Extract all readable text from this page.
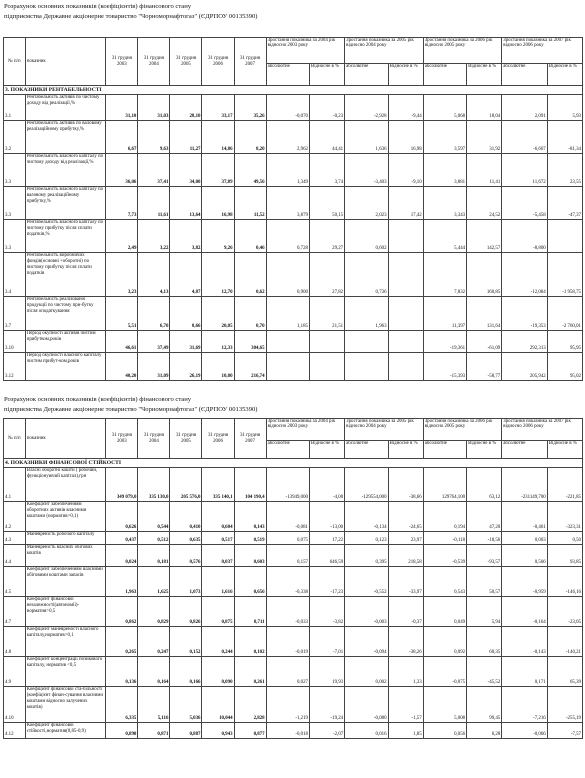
Розрахунок основних показників (коефіцієнтів) фінансового стану
підприємства Державне акціонерне товариство "Чорноморнафтогаз" (ЄДРПОУ 00135390)
№ п/п	показник	31 грудня 2003	31 грудня 2004	31 грудня 2005	31 грудня 2006	31 грудня 2007	Зростання показника за 2004 рік відносно 2003 року		Зростання показника за 2005 рік відносно 2004 року		Зростання показника за 2006 рік відносно 2005 року		Зростання показника за 2007 рік відносно 2006 року	
							абсолютне	Відносне в %	абсолютне	Відносне в %	абсолютне	Відносне в %	абсолютне	Відносне в %
3. ПОКАЗНИКИ РЕНТАБЕЛЬНОСТІ														
3.1	Рентабельність активів по чистому доходу від реалізації,%	31,10	31,03	28,10	33,17	35,26	-0,070	-0,23	-2,928	-9,44	5,068	18,04	2,091	5,93
3.2	Рентабельність активів по валовому реалізаційному прибутку,%	6,67	9,63	11,27	14,86	8,20	2,962	44,41	1,636	16,98	3,597	31,92	-6,667	-81,34
3.3	Рентабельність власного капіталу по чистому доходу від реалізації,%	36,06	37,41	34,00	37,89	49,56	1,349	3,74	-3,403	-9,10	3,881	11,41	11,672	23,55
3.3	Рентабельність власного капіталу по валовому реалізаційному прибутку,%	7,73	11,61	13,64	16,98	11,52	3,879	50,15	2,023	17,42	3,343	24,52	-5,458	-47,37
3.3	Рентабельність власного капіталу по чистому прибутку після сплати податків,%	2,49	3,22	3,82	9,26	0,46	0,728	29,27	0,602		5,444	142,57	-8,800	
3.4	Рентабельність виробничих фондів(основні +оборотні) по чистому прибутку після сплати податків	3,23	4,13	4,87	12,70	0,62	0,900	27,82	0,736		7,832	160,85	-12,084	-1 958,75
3.7	Рентабельність реалізованої продукції по чистому при-бутку після оподаткування	5,51	6,70	8,66	20,05	0,70	1,185	21,51	1,963		11,397	131,64	-19,353	-2 760,01
3.10	Період окупності активів чистим прибутком,років	46,61	37,49	31,69	12,33	304,65					-19,361	-61,09	292,313	95,95
3.12	Період окупності власного капіталу чистим прибут-ком,років	40,20	31,09	26,19	10,80	216,74					-15,393	-58,77	205,942	95,02
Розрахунок основних показників (коефіцієнтів) фінансового стану
підприємства Державне акціонерне товариство "Чорноморнафтогаз" (ЄДРПОУ 00135390)
№ п/п	показник	31 грудня 2003	31 грудня 2004	31 грудня 2005	31 грудня 2006	31 грудня 2007	Зростання показника за 2004 рік відносно 2003 року		Зростання показника за 2005 рік відносно 2004 року		Зростання показника за 2006 рік відносно 2005 року		Зростання показника за 2007 рік відносно 2006 року	
							абсолютне	Відносне в %	абсолютне	Відносне в %	абсолютне	Відносне в %	абсолютне	Відносне в %
4. ПОКАЗНИКИ ФІНАНСОВОЇ СТІЙКОСТІ														
4.1	Власні оборотні кошти ( робочий, функціонуючий капітал),грн	349 079,0	335 130,0	205 576,0	335 140,1	104 190,4	-13949,000	-4,00	-129554,000	-38,66	129764,100	63,12	-231149,700	-221,85
4.2	Коефіцієнт забезпеченням оборотних активів власними коштами (норматив>0,1)	0,626	0,544	0,410	0,604	0,143	-0,081	-13,00	-0,134	-24,65	0,194	47,20	-0,461	-323,31
4.3	Маневреність робочого капіталу	0,437	0,512	0,635	0,517	0,519	0,075	17,22	0,123	23,97	-0,118	-18,56	0,003	0,50
4.4	Маневреність власних обігових коштів	0,024	0,181	0,576	0,037	0,603	0,157	646,59	0,395	218,58	-0,539	-93,57	0,566	93,85
4.5	Коефіцієнт забезпеченням власними обіговими коштами запасів	1,963	1,625	1,073	1,616	0,656	-0,338	-17,23	-0,552	-33,97	0,543	50,57	-0,959	-146,16
4.7	Коефіцієнт фінансової незалежності(автономії)- норматив>0,5	0,862	0,829	0,826	0,875	0,711	-0,033	-3,82	-0,003	-0,37	0,049	5,94	-0,164	-23,05
4.8	Коефіцієнт маневреності власного капіталу,норматив>0,1	0,265	0,247	0,152	0,244	0,102	-0,019	-7,01	-0,094	-38,26	0,092	60,35	-0,143	-140,21
4.9	Коефіцієнт концентрації позикового капіталу, норматив <0,5	0,136	0,164	0,166	0,090	0,261	0,027	19,93	0,002	1,33	-0,075	-45,52	0,171	65,39
4.10	Коефіцієнт фінансової ста-більності (коефіцієнт фінан-сування власними коштами відносно залучених коштів)	6,335	5,116	5,036	10,044	2,828	-1,219	-19,24	-0,080	-1,57	5,008	99,45	-7,216	-255,19
4.12	Коефіцієнт фінансової стійкості,норматив(0,85-0,9)	0,890	0,871	0,887	0,943	0,877	-0,018	-2,07	0,016	1,85	0,056	6,28	-0,066	-7,57
